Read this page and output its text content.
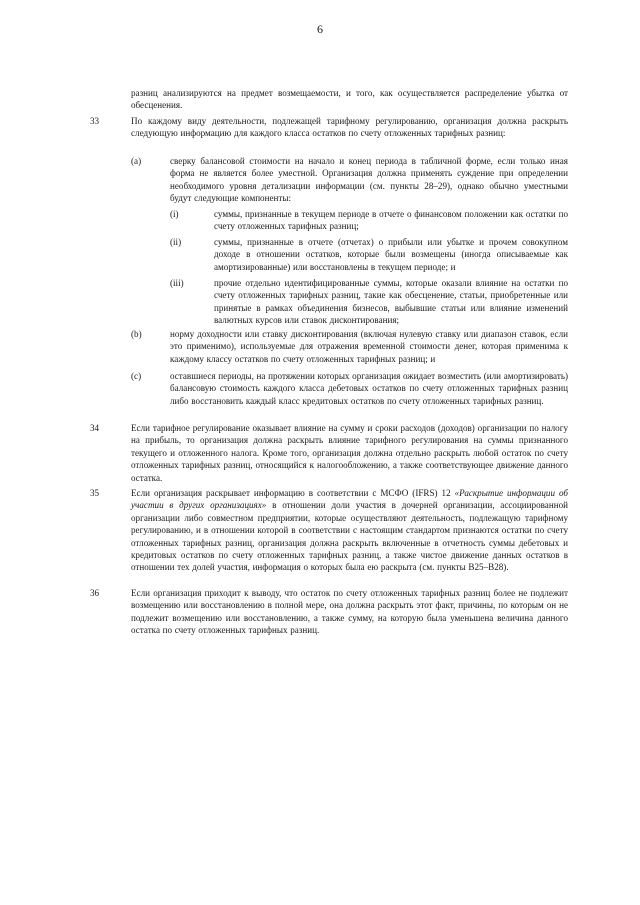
6
разниц анализируются на предмет возмещаемости, и того, как осуществляется распределение убытка от обесценения.
33	По каждому виду деятельности, подлежащей тарифному регулированию, организация должна раскрыть следующую информацию для каждого класса остатков по счету отложенных тарифных разниц:
(a)	сверку балансовой стоимости на начало и конец периода в табличной форме, если только иная форма не является более уместной. Организация должна применять суждение при определении необходимого уровня детализации информации (см. пункты 28–29), однако обычно уместными будут следующие компоненты:
(i)	суммы, признанные в текущем периоде в отчете о финансовом положении как остатки по счету отложенных тарифных разниц;
(ii)	суммы, признанные в отчете (отчетах) о прибыли или убытке и прочем совокупном доходе в отношении остатков, которые были возмещены (иногда описываемые как амортизированные) или восстановлены в текущем периоде; и
(iii)	прочие отдельно идентифицированные суммы, которые оказали влияние на остатки по счету отложенных тарифных разниц, такие как обесценение, статьи, приобретенные или принятые в рамках объединения бизнесов, выбывшие статьи или влияние изменений валютных курсов или ставок дисконтирования;
(b)	норму доходности или ставку дисконтирования (включая нулевую ставку или диапазон ставок, если это применимо), используемые для отражения временной стоимости денег, которая применима к каждому классу остатков по счету отложенных тарифных разниц; и
(c)	оставшиеся периоды, на протяжении которых организация ожидает возместить (или амортизировать) балансовую стоимость каждого класса дебетовых остатков по счету отложенных тарифных разниц либо восстановить каждый класс кредитовых остатков по счету отложенных тарифных разниц.
34	Если тарифное регулирование оказывает влияние на сумму и сроки расходов (доходов) организации по налогу на прибыль, то организация должна раскрыть влияние тарифного регулирования на суммы признанного текущего и отложенного налога. Кроме того, организация должна отдельно раскрыть любой остаток по счету отложенных тарифных разниц, относящийся к налогообложению, а также соответствующее движение данного остатка.
35	Если организация раскрывает информацию в соответствии с МСФО (IFRS) 12 «Раскрытие информации об участии в других организациях» в отношении доли участия в дочерней организации, ассоциированной организации либо совместном предприятии, которые осуществляют деятельность, подлежащую тарифному регулированию, и в отношении которой в соответствии с настоящим стандартом признаются остатки по счету отложенных тарифных разниц, организация должна раскрыть включенные в отчетность суммы дебетовых и кредитовых остатков по счету отложенных тарифных разниц, а также чистое движение данных остатков в отношении тех долей участия, информация о которых была ею раскрыта (см. пункты В25–В28).
36	Если организация приходит к выводу, что остаток по счету отложенных тарифных разниц более не подлежит возмещению или восстановлению в полной мере, она должна раскрыть этот факт, причины, по которым он не подлежит возмещению или восстановлению, а также сумму, на которую была уменьшена величина данного остатка по счету отложенных тарифных разниц.
